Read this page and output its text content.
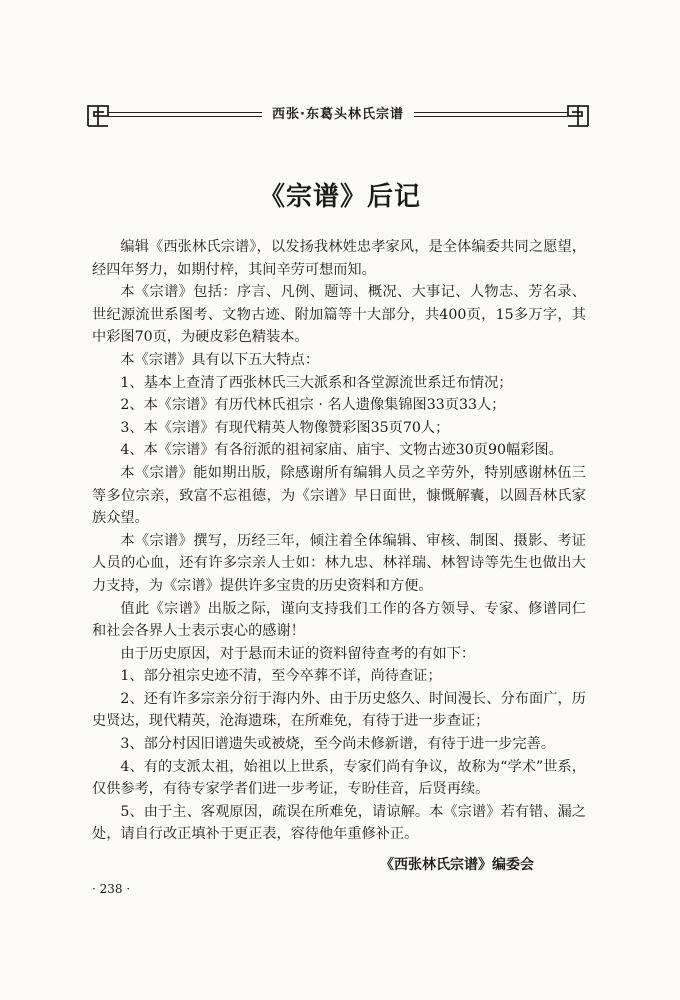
西张·东葛头林氏宗谱
《宗谱》后记

编辑《西张林氏宗谱》，以发扬我林姓忠孝家风，是全体编委共同之愿望，经四年努力，如期付梓，其间辛劳可想而知。

本《宗谱》包括：序言、凡例、题词、概况、大事记、人物志、芳名录、世纪源流世系图考、文物古迹、附加篇等十大部分，共400页，15多万字，其中彩图70页，为硬皮彩色精装本。

本《宗谱》具有以下五大特点：

1、基本上查清了西张林氏三大派系和各堂源流世系迁布情况；

2、本《宗谱》有历代林氏祖宗 · 名人遗像集锦图33页33人；

3、本《宗谱》有现代精英人物像赞彩图35页70人；

4、本《宗谱》有各衍派的祖祠家庙、庙宇、文物古迹30页90幅彩图。

本《宗谱》能如期出版，除感谢所有编辑人员之辛劳外，特别感谢林伍三等多位宗亲，致富不忘祖德，为《宗谱》早日面世，慷慨解囊，以圆吾林氏家族众望。

本《宗谱》撰写，历经三年，倾注着全体编辑、审核、制图、摄影、考证人员的心血，还有许多宗亲人士如：林九忠、林祥瑞、林智诗等先生也做出大力支持，为《宗谱》提供许多宝贵的历史资料和方便。

值此《宗谱》出版之际，谨向支持我们工作的各方领导、专家、修谱同仁和社会各界人士表示衷心的感谢！

由于历史原因，对于悬而未证的资料留待查考的有如下：

1、部分祖宗史迹不清，至今卒葬不详，尚待查证；

2、还有许多宗亲分衍于海内外、由于历史悠久、时间漫长、分布面广，历史贤达，现代精英，沧海遗珠，在所难免，有待于进一步查证；

3、部分村因旧谱遗失或被烧，至今尚未修新谱，有待于进一步完善。

4、有的支派太祖，始祖以上世系，专家们尚有争议，故称为“学术”世系，仅供参考，有待专家学者们进一步考证，专盼佳音，后贤再续。

5、由于主、客观原因，疏误在所难免，请谅解。本《宗谱》若有错、漏之处，请自行改正填补于更正表，容待他年重修补正。

《西张林氏宗谱》编委会
· 238 ·
